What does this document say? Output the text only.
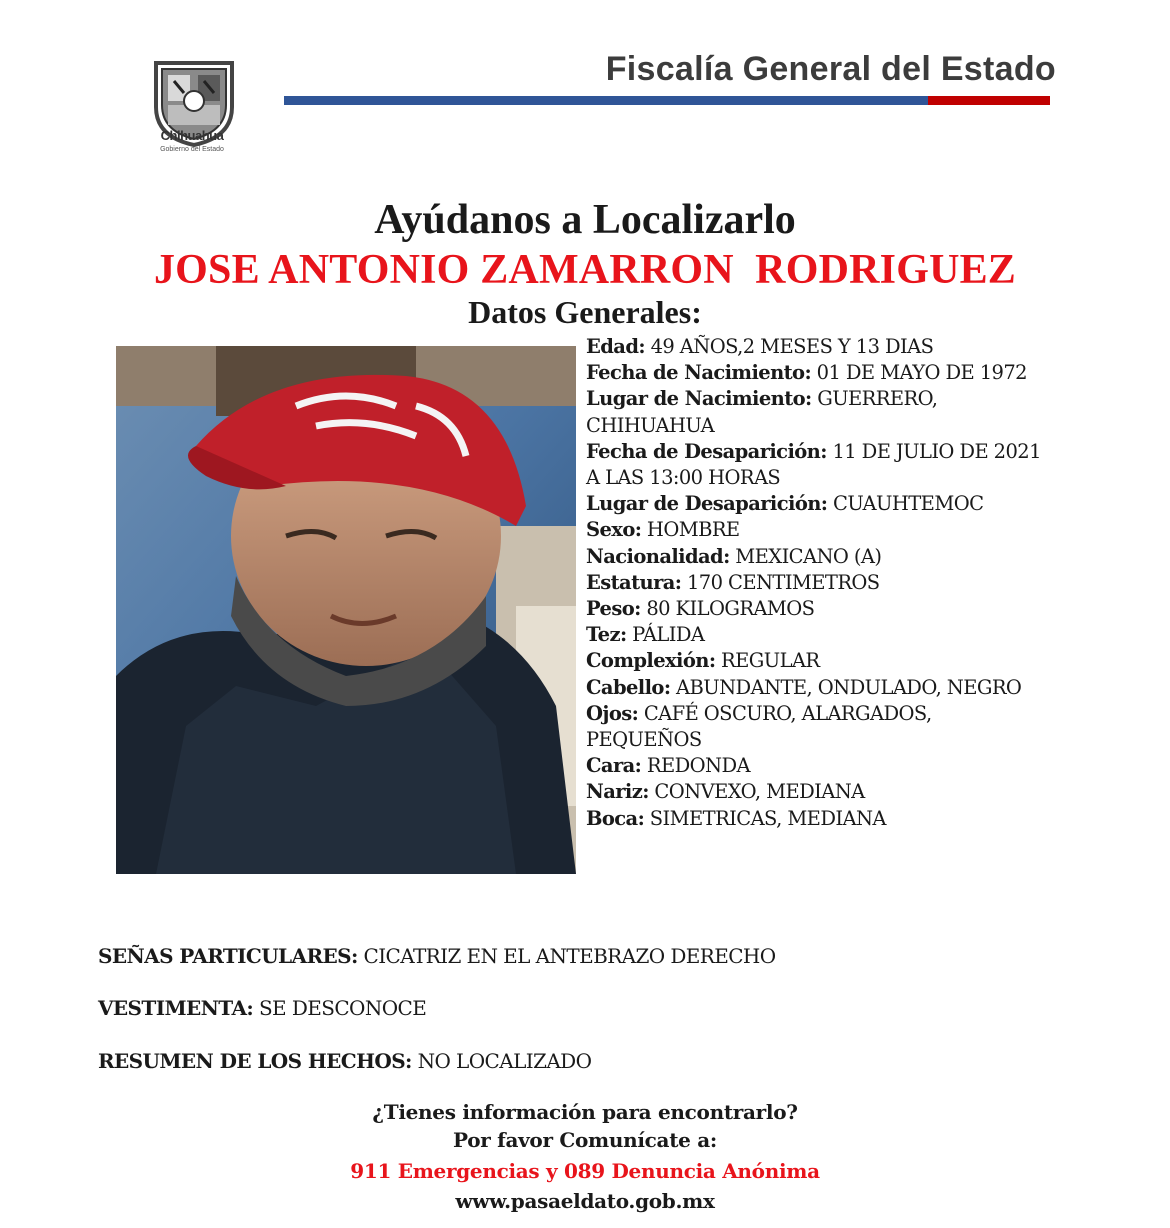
Chihuahua
Gobierno del Estado
Fiscalía General del Estado
Ayúdanos a Localizarlo
JOSE ANTONIO ZAMARRON  RODRIGUEZ
Datos Generales:
Edad: 49 AÑOS,2 MESES Y 13 DIAS
Fecha de Nacimiento: 01 DE MAYO DE 1972
Lugar de Nacimiento: GUERRERO, CHIHUAHUA
Fecha de Desaparición: 11 DE JULIO DE 2021 A LAS 13:00 HORAS
Lugar de Desaparición: CUAUHTEMOC
Sexo: HOMBRE
Nacionalidad: MEXICANO (A)
Estatura: 170 CENTIMETROS
Peso: 80 KILOGRAMOS
Tez: PÁLIDA
Complexión: REGULAR
Cabello: ABUNDANTE, ONDULADO, NEGRO
Ojos: CAFÉ OSCURO, ALARGADOS, PEQUEÑOS
Cara: REDONDA
Nariz: CONVEXO, MEDIANA
Boca: SIMETRICAS, MEDIANA
SEÑAS PARTICULARES: CICATRIZ EN EL ANTEBRAZO DERECHO
VESTIMENTA: SE DESCONOCE
RESUMEN DE LOS HECHOS: NO LOCALIZADO
¿Tienes información para encontrarlo?
Por favor Comunícate a:
911 Emergencias y 089 Denuncia Anónima
www.pasaeldato.gob.mx
